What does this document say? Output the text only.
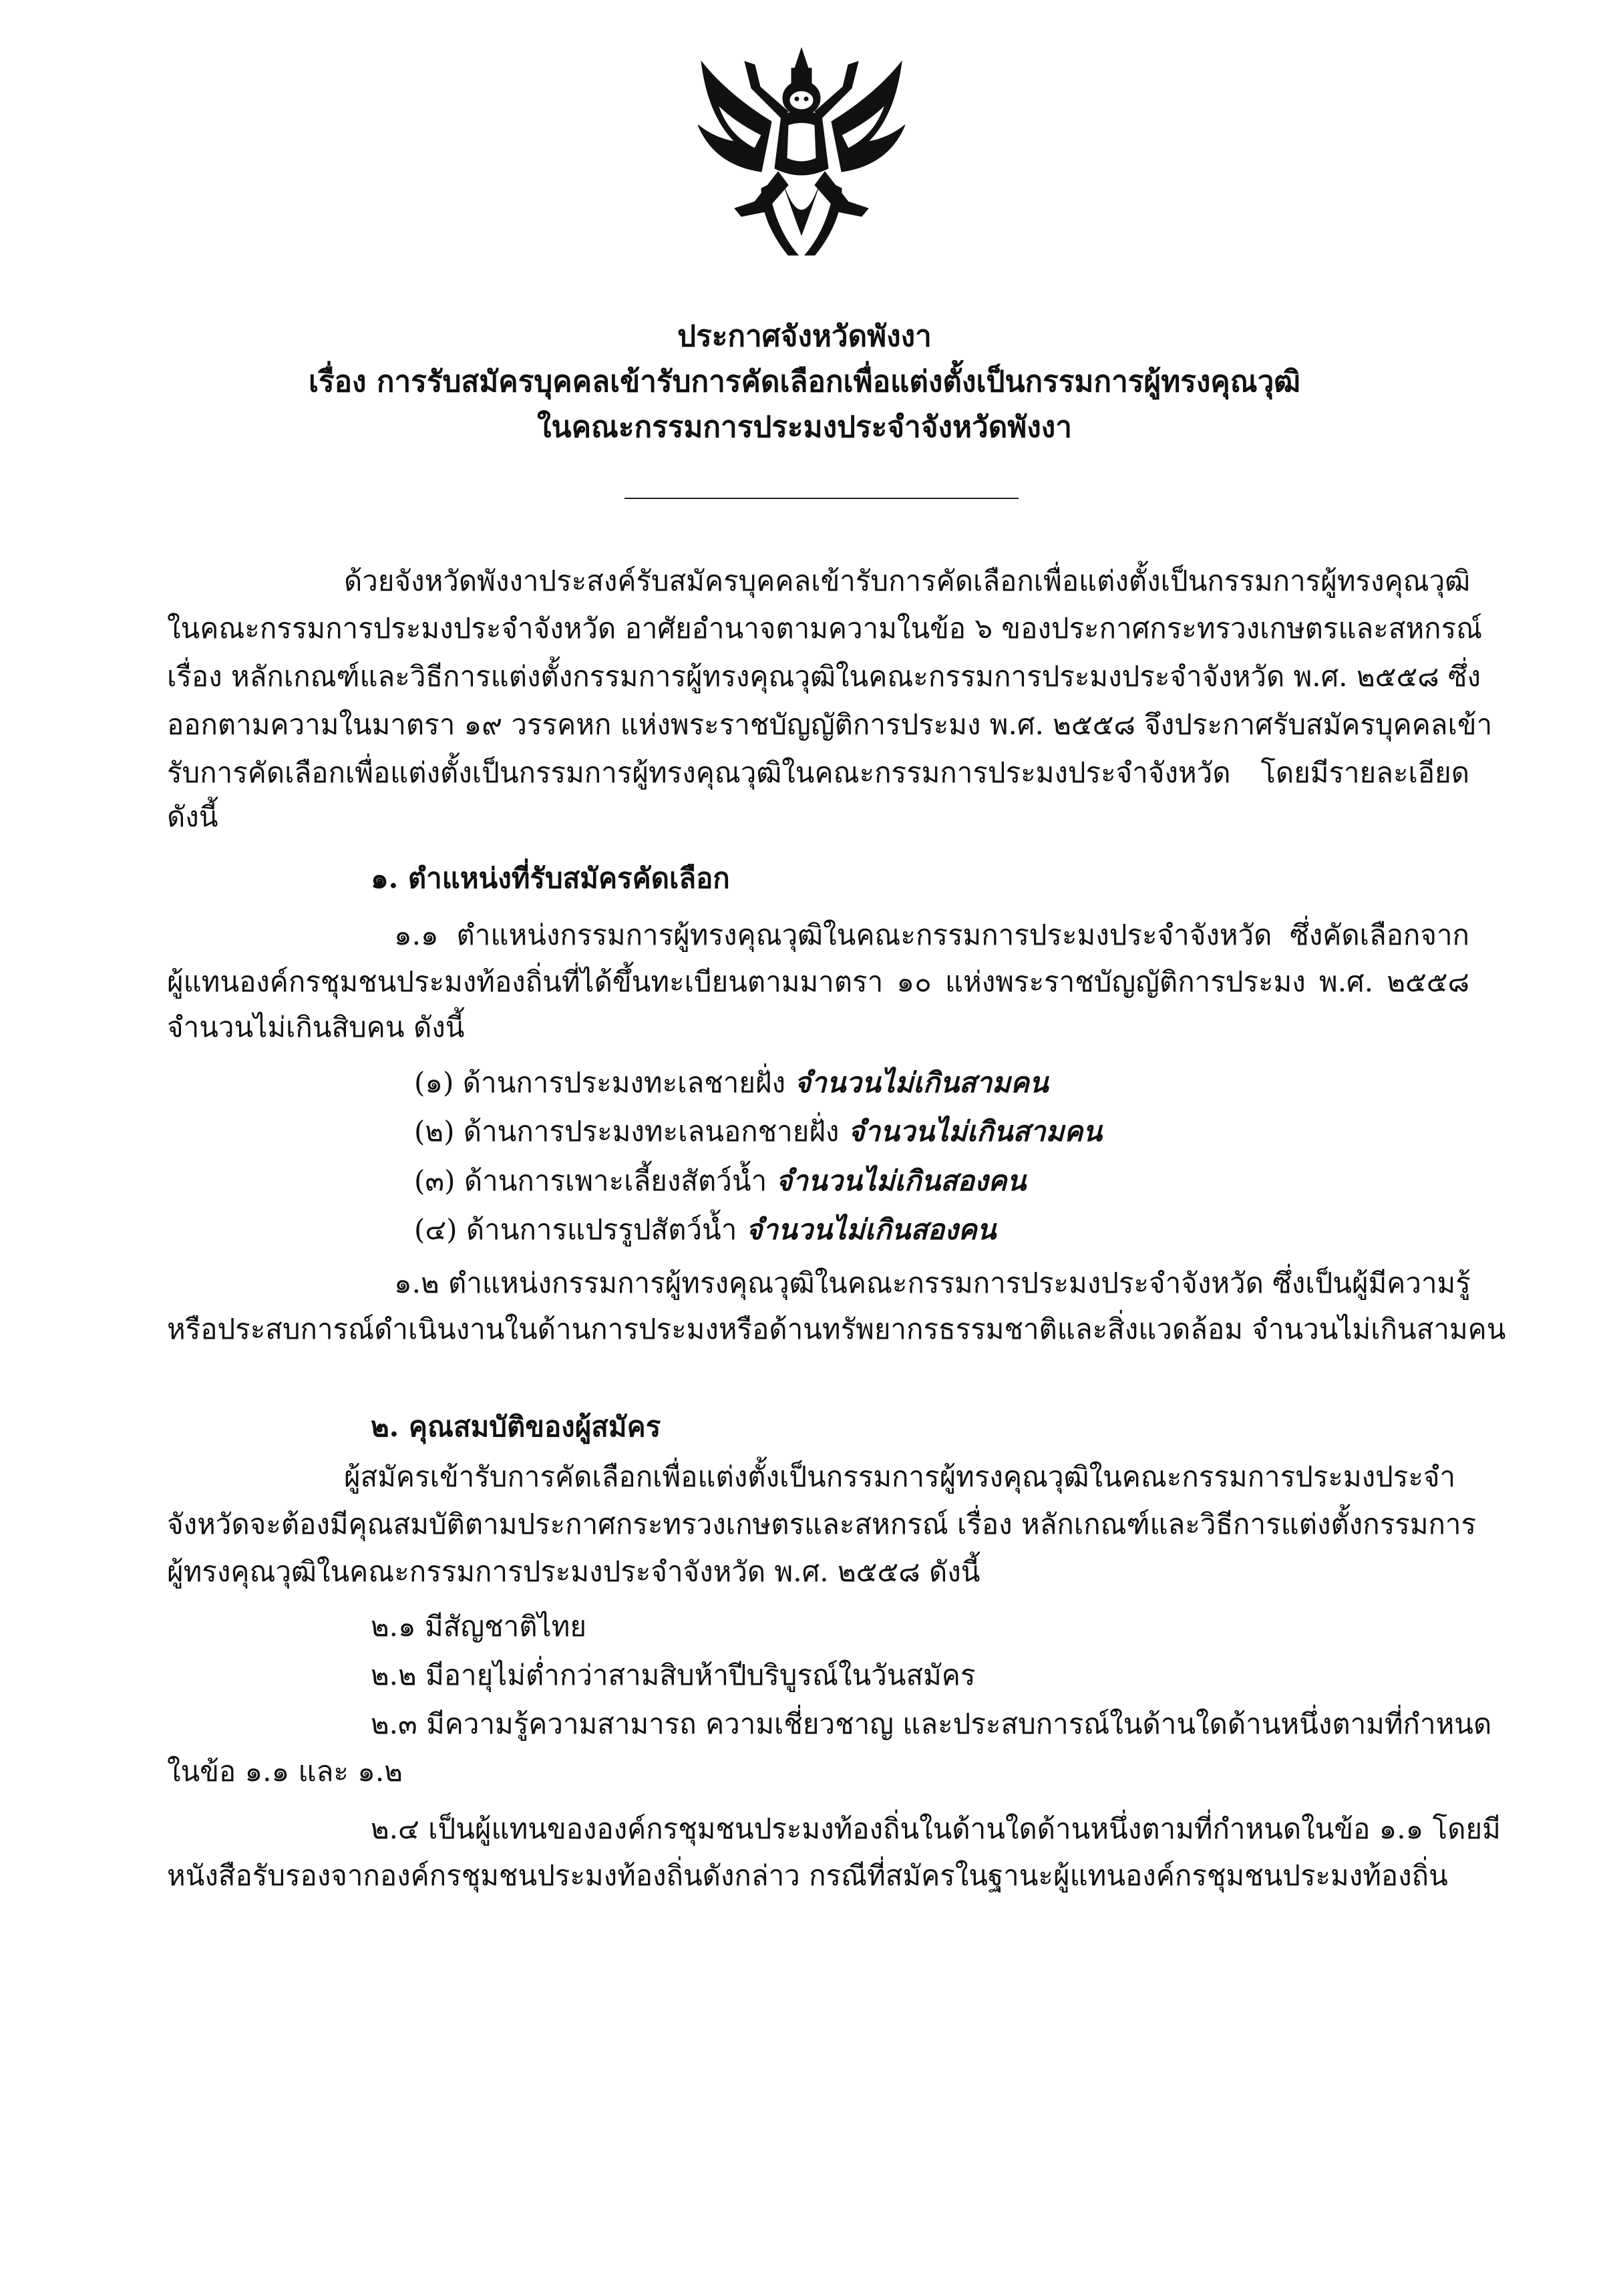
ประกาศจังหวัดพังงา
เรื่อง การรับสมัครบุคคลเข้ารับการคัดเลือกเพื่อแต่งตั้งเป็นกรรมการผู้ทรงคุณวุฒิ
ในคณะกรรมการประมงประจำจังหวัดพังงา
ด้วยจังหวัดพังงาประสงค์รับสมัครบุคคลเข้ารับการคัดเลือกเพื่อแต่งตั้งเป็นกรรมการผู้ทรงคุณวุฒิ
ในคณะกรรมการประมงประจำจังหวัด อาศัยอำนาจตามความในข้อ ๖ ของประกาศกระทรวงเกษตรและสหกรณ์
เรื่อง หลักเกณฑ์และวิธีการแต่งตั้งกรรมการผู้ทรงคุณวุฒิในคณะกรรมการประมงประจำจังหวัด พ.ศ. ๒๕๕๘ ซึ่ง
ออกตามความในมาตรา ๑๙ วรรคหก แห่งพระราชบัญญัติการประมง พ.ศ. ๒๕๕๘ จึงประกาศรับสมัครบุคคลเข้า
รับการคัดเลือกเพื่อแต่งตั้งเป็นกรรมการผู้ทรงคุณวุฒิในคณะกรรมการประมงประจำจังหวัด โดยมีรายละเอียด
ดังนี้
๑. ตำแหน่งที่รับสมัครคัดเลือก
๑.๑ ตำแหน่งกรรมการผู้ทรงคุณวุฒิในคณะกรรมการประมงประจำจังหวัด ซึ่งคัดเลือกจาก
ผู้แทนองค์กรชุมชนประมงท้องถิ่นที่ได้ขึ้นทะเบียนตามมาตรา ๑๐ แห่งพระราชบัญญัติการประมง พ.ศ. ๒๕๕๘
จำนวนไม่เกินสิบคน ดังนี้
(๑) ด้านการประมงทะเลชายฝั่ง จำนวนไม่เกินสามคน
(๒) ด้านการประมงทะเลนอกชายฝั่ง จำนวนไม่เกินสามคน
(๓) ด้านการเพาะเลี้ยงสัตว์น้ำ จำนวนไม่เกินสองคน
(๔) ด้านการแปรรูปสัตว์น้ำ จำนวนไม่เกินสองคน
๑.๒ ตำแหน่งกรรมการผู้ทรงคุณวุฒิในคณะกรรมการประมงประจำจังหวัด ซึ่งเป็นผู้มีความรู้
หรือประสบการณ์ดำเนินงานในด้านการประมงหรือด้านทรัพยากรธรรมชาติและสิ่งแวดล้อม จำนวนไม่เกินสามคน
๒. คุณสมบัติของผู้สมัคร
ผู้สมัครเข้ารับการคัดเลือกเพื่อแต่งตั้งเป็นกรรมการผู้ทรงคุณวุฒิในคณะกรรมการประมงประจำ
จังหวัดจะต้องมีคุณสมบัติตามประกาศกระทรวงเกษตรและสหกรณ์ เรื่อง หลักเกณฑ์และวิธีการแต่งตั้งกรรมการ
ผู้ทรงคุณวุฒิในคณะกรรมการประมงประจำจังหวัด พ.ศ. ๒๕๕๘ ดังนี้
๒.๑ มีสัญชาติไทย
๒.๒ มีอายุไม่ต่ำกว่าสามสิบห้าปีบริบูรณ์ในวันสมัคร
๒.๓ มีความรู้ความสามารถ ความเชี่ยวชาญ และประสบการณ์ในด้านใดด้านหนึ่งตามที่กำหนด
ในข้อ ๑.๑ และ ๑.๒
๒.๔ เป็นผู้แทนขององค์กรชุมชนประมงท้องถิ่นในด้านใดด้านหนึ่งตามที่กำหนดในข้อ ๑.๑ โดยมี
หนังสือรับรองจากองค์กรชุมชนประมงท้องถิ่นดังกล่าว กรณีที่สมัครในฐานะผู้แทนองค์กรชุมชนประมงท้องถิ่น
